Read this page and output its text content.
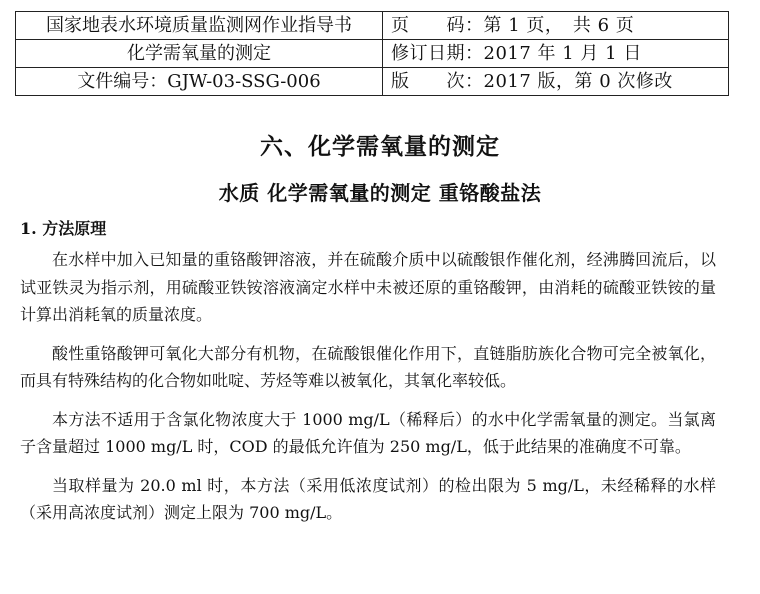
国家地表水环境质量监测网作业指导书	页　　码：第 1 页，　共 6 页
化学需氧量的测定	修订日期：2017 年 1 月 1 日
文件编号：GJW-03-SSG-006	版　　次：2017 版，第 0 次修改
六、化学需氧量的测定
水质 化学需氧量的测定 重铬酸盐法
1. 方法原理

在水样中加入已知量的重铬酸钾溶液，并在硫酸介质中以硫酸银作催化剂，经沸腾回流后，以试亚铁灵为指示剂，用硫酸亚铁铵溶液滴定水样中未被还原的重铬酸钾，由消耗的硫酸亚铁铵的量计算出消耗氧的质量浓度。

酸性重铬酸钾可氧化大部分有机物，在硫酸银催化作用下，直链脂肪族化合物可完全被氧化，而具有特殊结构的化合物如吡啶、芳烃等难以被氧化，其氧化率较低。

本方法不适用于含氯化物浓度大于 1000 mg/L（稀释后）的水中化学需氧量的测定。当氯离子含量超过 1000 mg/L 时，COD 的最低允许值为 250 mg/L，低于此结果的准确度不可靠。

当取样量为 20.0 ml 时，本方法（采用低浓度试剂）的检出限为 5 mg/L，未经稀释的水样（采用高浓度试剂）测定上限为 700 mg/L。
